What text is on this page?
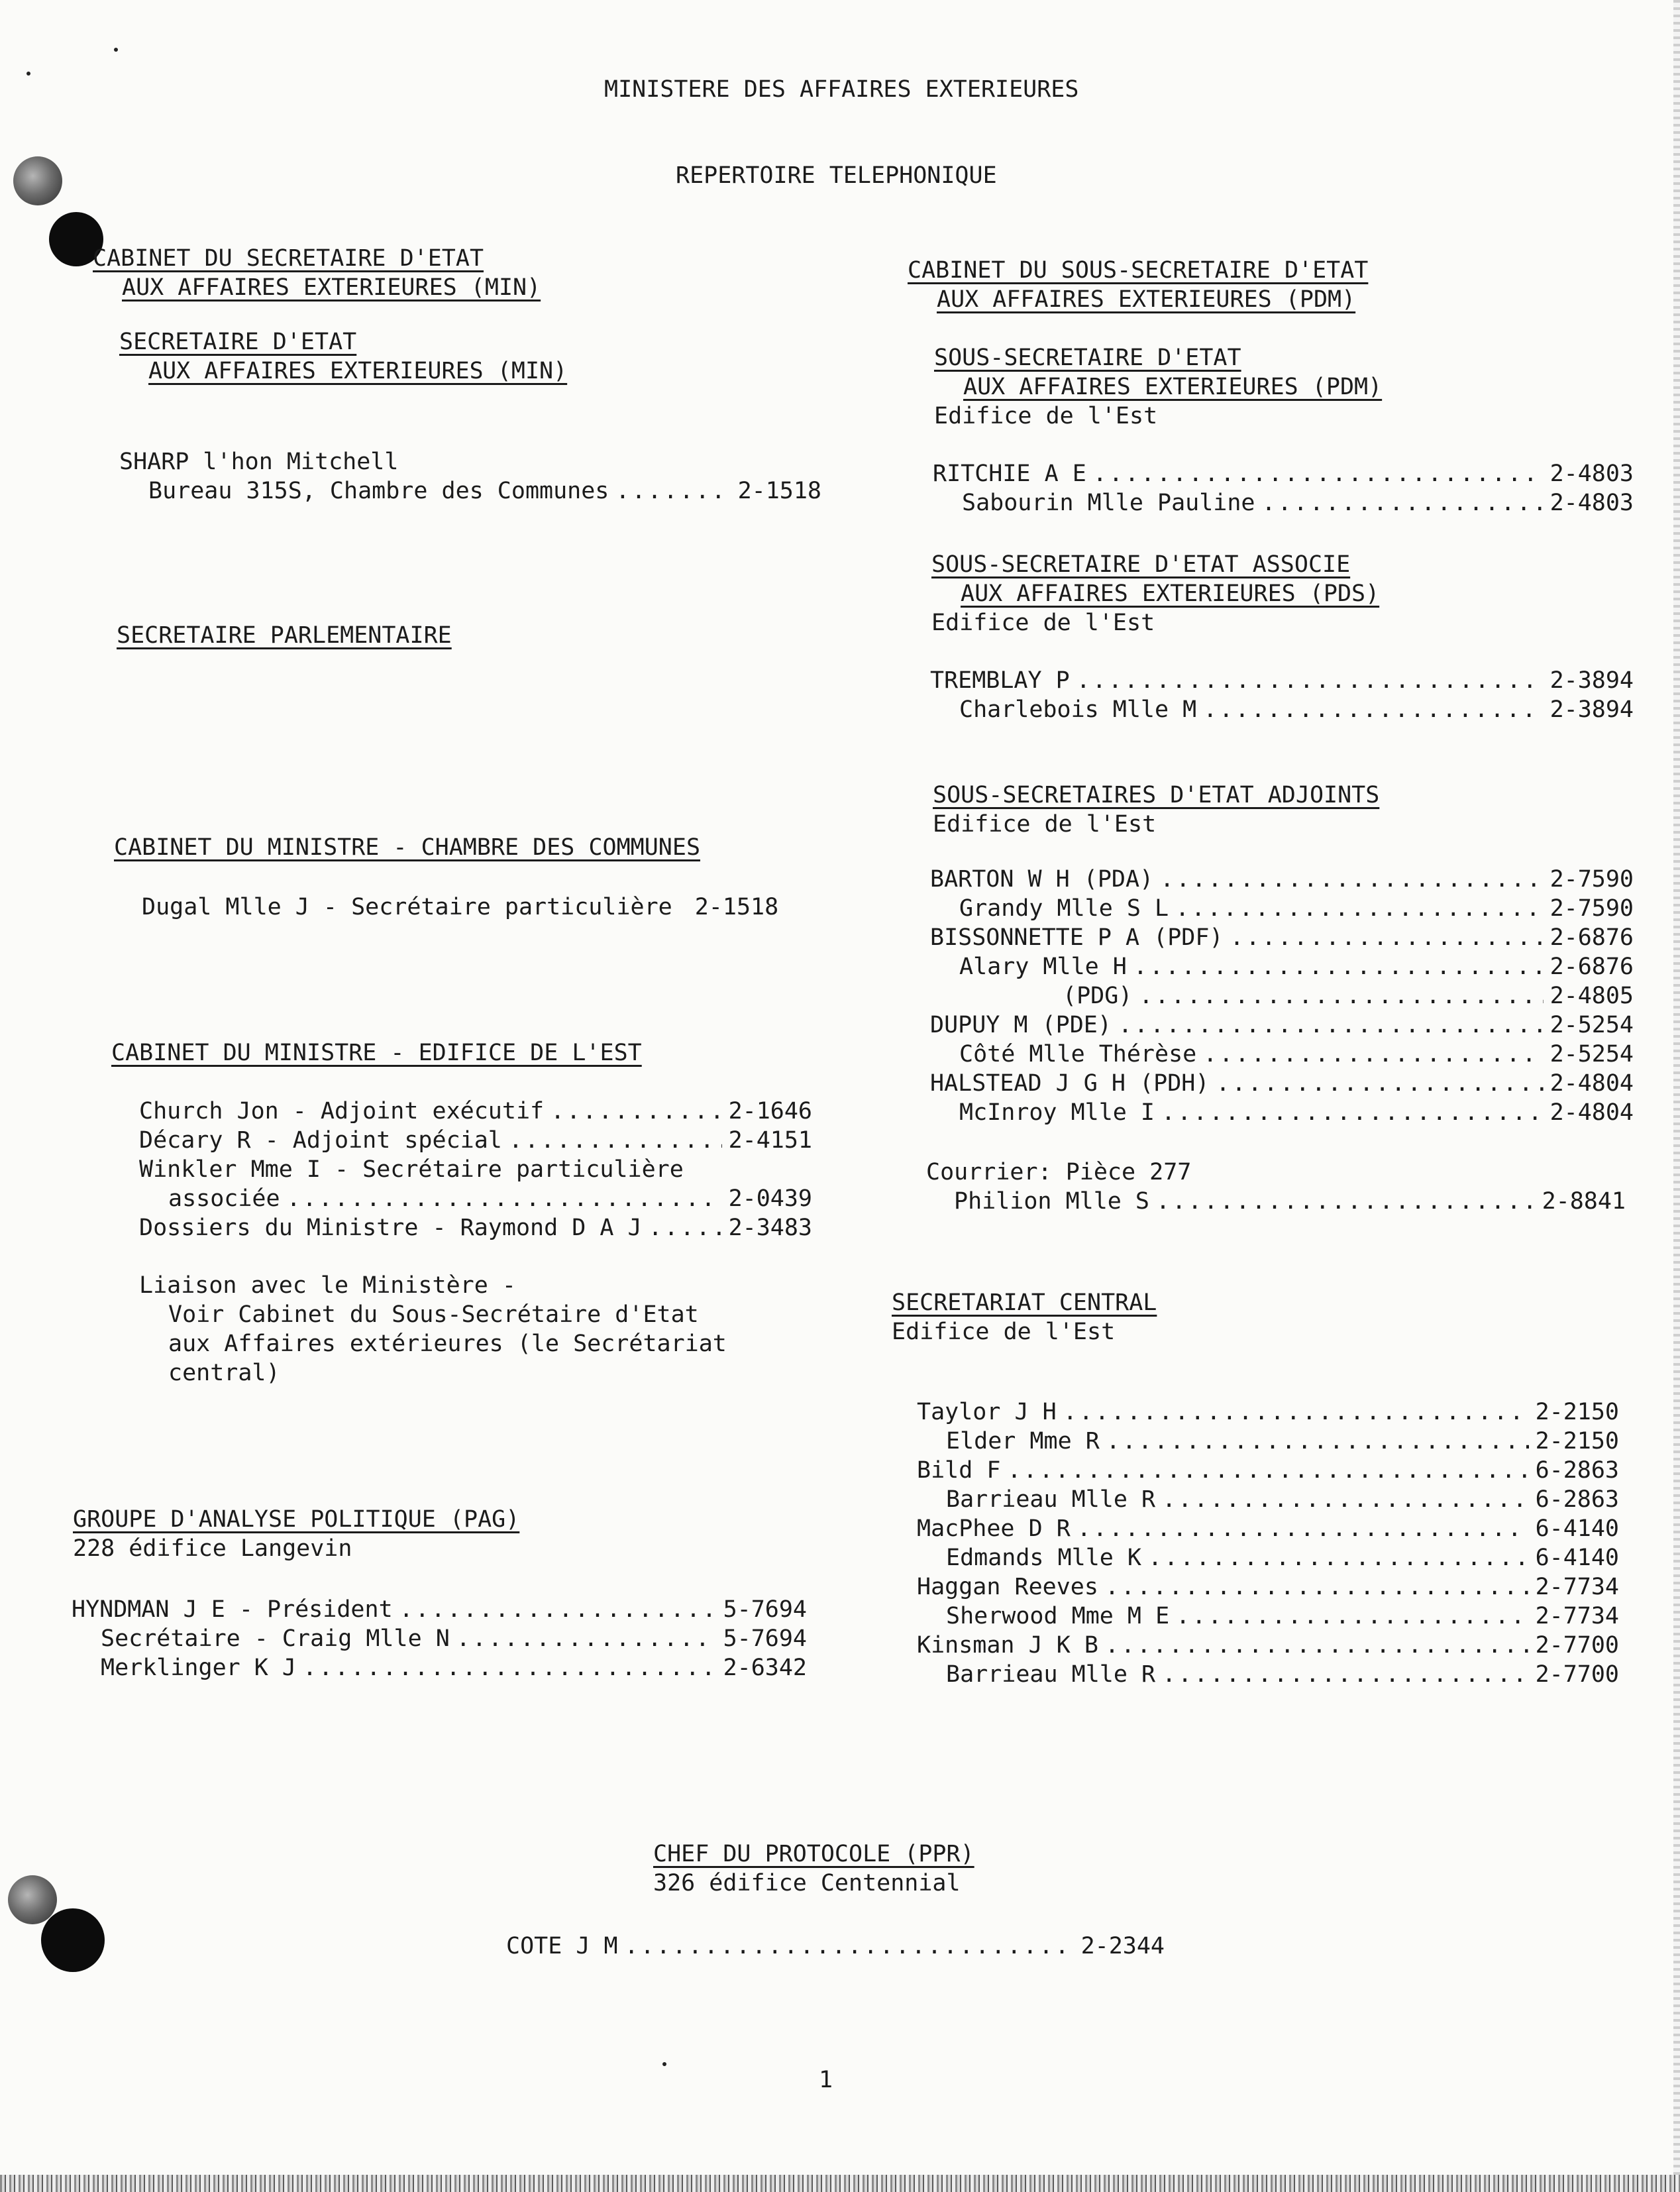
MINISTERE DES AFFAIRES EXTERIEURES
REPERTOIRE TELEPHONIQUE
CABINET DU SECRETAIRE D'ETAT
AUX AFFAIRES EXTERIEURES (MIN)
SECRETAIRE D'ETAT
AUX AFFAIRES EXTERIEURES (MIN)
SHARP l'hon Mitchell
Bureau 315S, Chambre des Communes .....	2-1518
SECRETAIRE PARLEMENTAIRE
CABINET DU MINISTRE - CHAMBRE DES COMMUNES
Dugal Mlle J - Secrétaire particulière 2-1518
CABINET DU MINISTRE - EDIFICE DE L'EST
Church Jon - Adjoint exécutif .....	2-1646
Décary R - Adjoint spécial .....	2-4151
Winkler Mme I - Secrétaire particulière
associée .....	2-0439
Dossiers du Ministre - Raymond D A J .....	2-3483
Liaison avec le Ministère -
Voir Cabinet du Sous-Secrétaire d'Etat
aux Affaires extérieures (le Secrétariat
central)
GROUPE D'ANALYSE POLITIQUE (PAG)
228 édifice Langevin
HYNDMAN J E - Président .....	5-7694
Secrétaire - Craig Mlle N .....	5-7694
Merklinger K J .....	2-6342
CABINET DU SOUS-SECRETAIRE D'ETAT
AUX AFFAIRES EXTERIEURES (PDM)
SOUS-SECRETAIRE D'ETAT
AUX AFFAIRES EXTERIEURES (PDM)
Edifice de l'Est
RITCHIE A E .....	2-4803
Sabourin Mlle Pauline .....	2-4803
SOUS-SECRETAIRE D'ETAT ASSOCIE
AUX AFFAIRES EXTERIEURES (PDS)
Edifice de l'Est
TREMBLAY P .....	2-3894
Charlebois Mlle M .....	2-3894
SOUS-SECRETAIRES D'ETAT ADJOINTS
Edifice de l'Est
BARTON W H (PDA) .....	2-7590
Grandy Mlle S L .....	2-7590
BISSONNETTE P A (PDF) .....	2-6876
Alary Mlle H .....	2-6876
(PDG) .....	2-4805
DUPUY M (PDE) .....	2-5254
Côté Mlle Thérèse .....	2-5254
HALSTEAD J G H (PDH) .....	2-4804
McInroy Mlle I .....	2-4804
Courrier: Pièce 277
Philion Mlle S .....	2-8841
SECRETARIAT CENTRAL
Edifice de l'Est
Taylor J H .....	2-2150
Elder Mme R .....	2-2150
Bild F .....	6-2863
Barrieau Mlle R .....	6-2863
MacPhee D R .....	6-4140
Edmands Mlle K .....	6-4140
Haggan Reeves .....	2-7734
Sherwood Mme M E .....	2-7734
Kinsman J K B .....	2-7700
Barrieau Mlle R .....	2-7700
CHEF DU PROTOCOLE (PPR)
326 édifice Centennial
COTE J M .....	2-2344
1
